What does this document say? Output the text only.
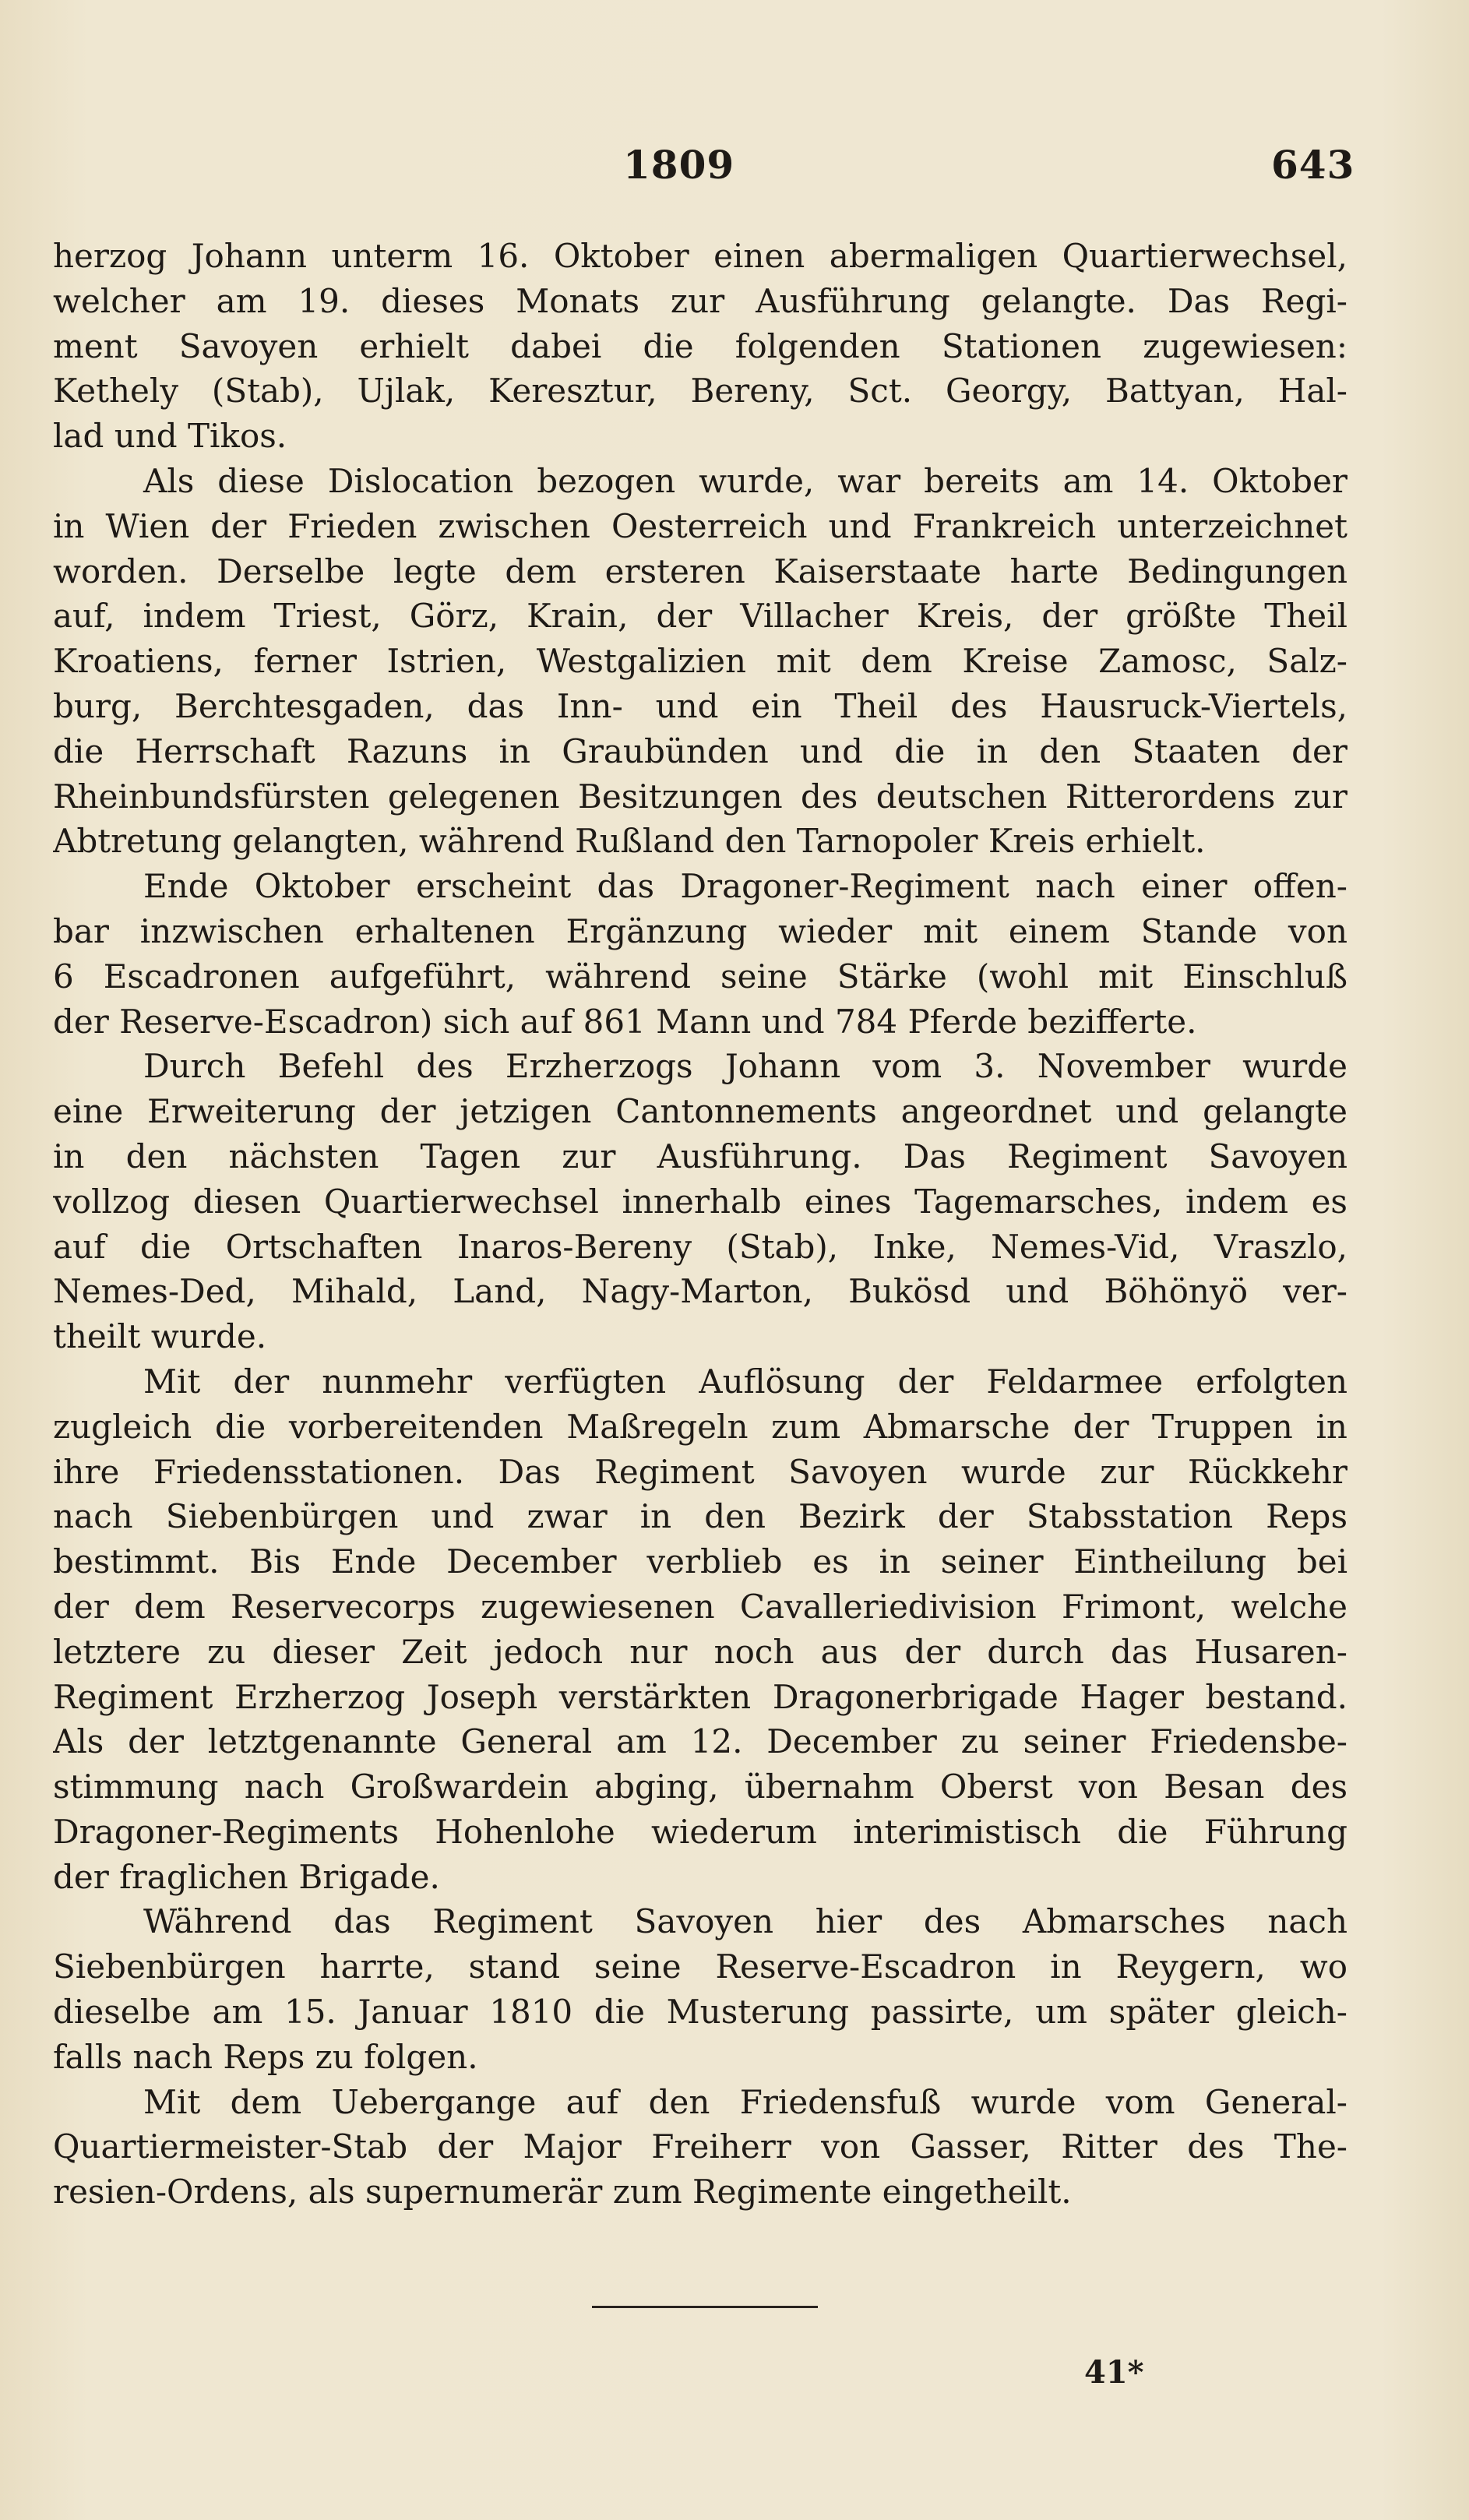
1809	643
herzog Johann unterm 16. Oktober einen abermaligen Quartierwechsel,
welcher am 19. dieses Monats zur Ausführung gelangte. Das Regi-
ment Savoyen erhielt dabei die folgenden Stationen zugewiesen:
Kethely (Stab), Ujlak, Keresztur, Bereny, Sct. Georgy, Battyan, Hal-
lad und Tikos.
Als diese Dislocation bezogen wurde, war bereits am 14. Oktober
in Wien der Frieden zwischen Oesterreich und Frankreich unterzeichnet
worden. Derselbe legte dem ersteren Kaiserstaate harte Bedingungen
auf, indem Triest, Görz, Krain, der Villacher Kreis, der größte Theil
Kroatiens, ferner Istrien, Westgalizien mit dem Kreise Zamosc, Salz-
burg, Berchtesgaden, das Inn- und ein Theil des Hausruck-Viertels,
die Herrschaft Razuns in Graubünden und die in den Staaten der
Rheinbundsfürsten gelegenen Besitzungen des deutschen Ritterordens zur
Abtretung gelangten, während Rußland den Tarnopoler Kreis erhielt.
Ende Oktober erscheint das Dragoner-Regiment nach einer offen-
bar inzwischen erhaltenen Ergänzung wieder mit einem Stande von
6 Escadronen aufgeführt, während seine Stärke (wohl mit Einschluß
der Reserve-Escadron) sich auf 861 Mann und 784 Pferde bezifferte.
Durch Befehl des Erzherzogs Johann vom 3. November wurde
eine Erweiterung der jetzigen Cantonnements angeordnet und gelangte
in den nächsten Tagen zur Ausführung. Das Regiment Savoyen
vollzog diesen Quartierwechsel innerhalb eines Tagemarsches, indem es
auf die Ortschaften Inaros-Bereny (Stab), Inke, Nemes-Vid, Vraszlo,
Nemes-Ded, Mihald, Land, Nagy-Marton, Bukösd und Böhönyö ver-
theilt wurde.
Mit der nunmehr verfügten Auflösung der Feldarmee erfolgten
zugleich die vorbereitenden Maßregeln zum Abmarsche der Truppen in
ihre Friedensstationen. Das Regiment Savoyen wurde zur Rückkehr
nach Siebenbürgen und zwar in den Bezirk der Stabsstation Reps
bestimmt. Bis Ende December verblieb es in seiner Eintheilung bei
der dem Reservecorps zugewiesenen Cavalleriedivision Frimont, welche
letztere zu dieser Zeit jedoch nur noch aus der durch das Husaren-
Regiment Erzherzog Joseph verstärkten Dragonerbrigade Hager bestand.
Als der letztgenannte General am 12. December zu seiner Friedensbe-
stimmung nach Großwardein abging, übernahm Oberst von Besan des
Dragoner-Regiments Hohenlohe wiederum interimistisch die Führung
der fraglichen Brigade.
Während das Regiment Savoyen hier des Abmarsches nach
Siebenbürgen harrte, stand seine Reserve-Escadron in Reygern, wo
dieselbe am 15. Januar 1810 die Musterung passirte, um später gleich-
falls nach Reps zu folgen.
Mit dem Uebergange auf den Friedensfuß wurde vom General-
Quartiermeister-Stab der Major Freiherr von Gasser, Ritter des The-
resien-Ordens, als supernumerär zum Regimente eingetheilt.
41*
